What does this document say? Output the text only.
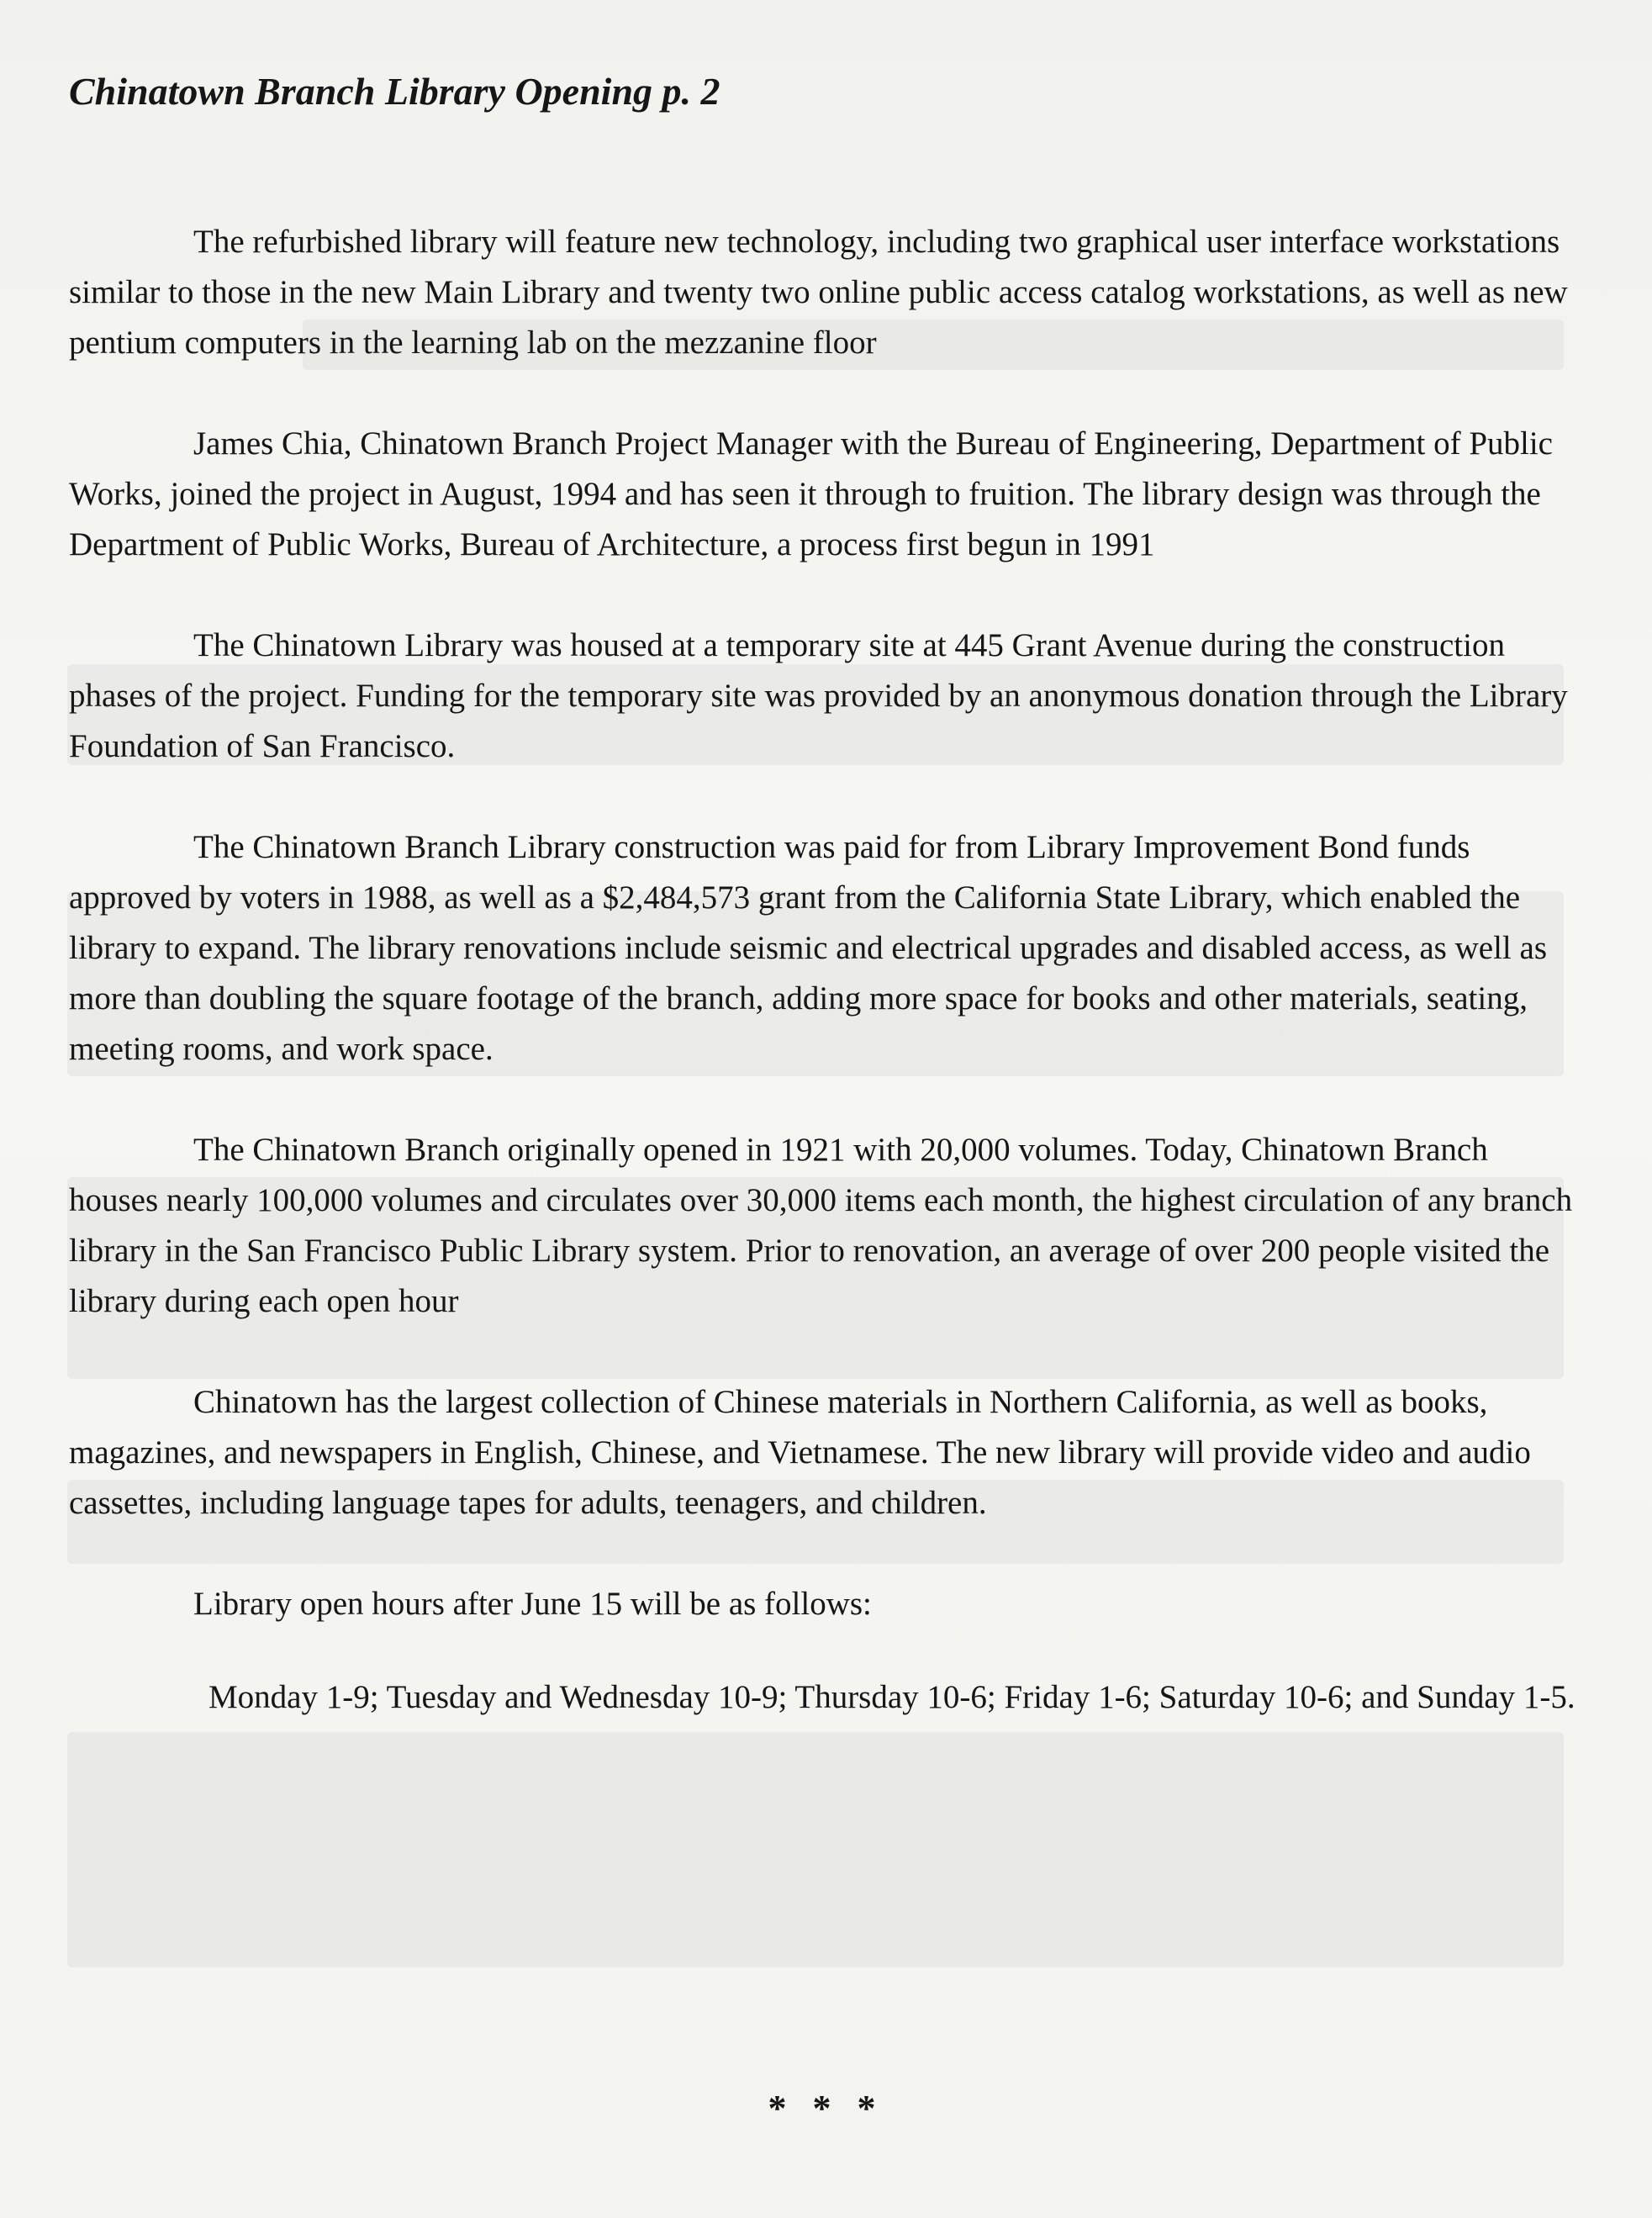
Chinatown Branch Library Opening p. 2

The refurbished library will feature new technology, including two graphical user interface workstations similar to those in the new Main Library and twenty two online public access catalog workstations, as well as new pentium computers in the learning lab on the mezzanine floor

James Chia, Chinatown Branch Project Manager with the Bureau of Engineering, Department of Public Works, joined the project in August, 1994 and has seen it through to fruition. The library design was through the Department of Public Works, Bureau of Architecture, a process first begun in 1991

The Chinatown Library was housed at a temporary site at 445 Grant Avenue during the construction phases of the project. Funding for the temporary site was provided by an anonymous donation through the Library Foundation of San Francisco.

The Chinatown Branch Library construction was paid for from Library Improvement Bond funds approved by voters in 1988, as well as a $2,484,573 grant from the California State Library, which enabled the library to expand. The library renovations include seismic and electrical upgrades and disabled access, as well as more than doubling the square footage of the branch, adding more space for books and other materials, seating, meeting rooms, and work space.

The Chinatown Branch originally opened in 1921 with 20,000 volumes. Today, Chinatown Branch houses nearly 100,000 volumes and circulates over 30,000 items each month, the highest circulation of any branch library in the San Francisco Public Library system. Prior to renovation, an average of over 200 people visited the library during each open hour

Chinatown has the largest collection of Chinese materials in Northern California, as well as books, magazines, and newspapers in English, Chinese, and Vietnamese. The new library will provide video and audio cassettes, including language tapes for adults, teenagers, and children.

Library open hours after June 15 will be as follows:

Monday 1-9; Tuesday and Wednesday 10-9; Thursday 10-6; Friday 1-6; Saturday 10-6; and Sunday 1-5.

* * *
